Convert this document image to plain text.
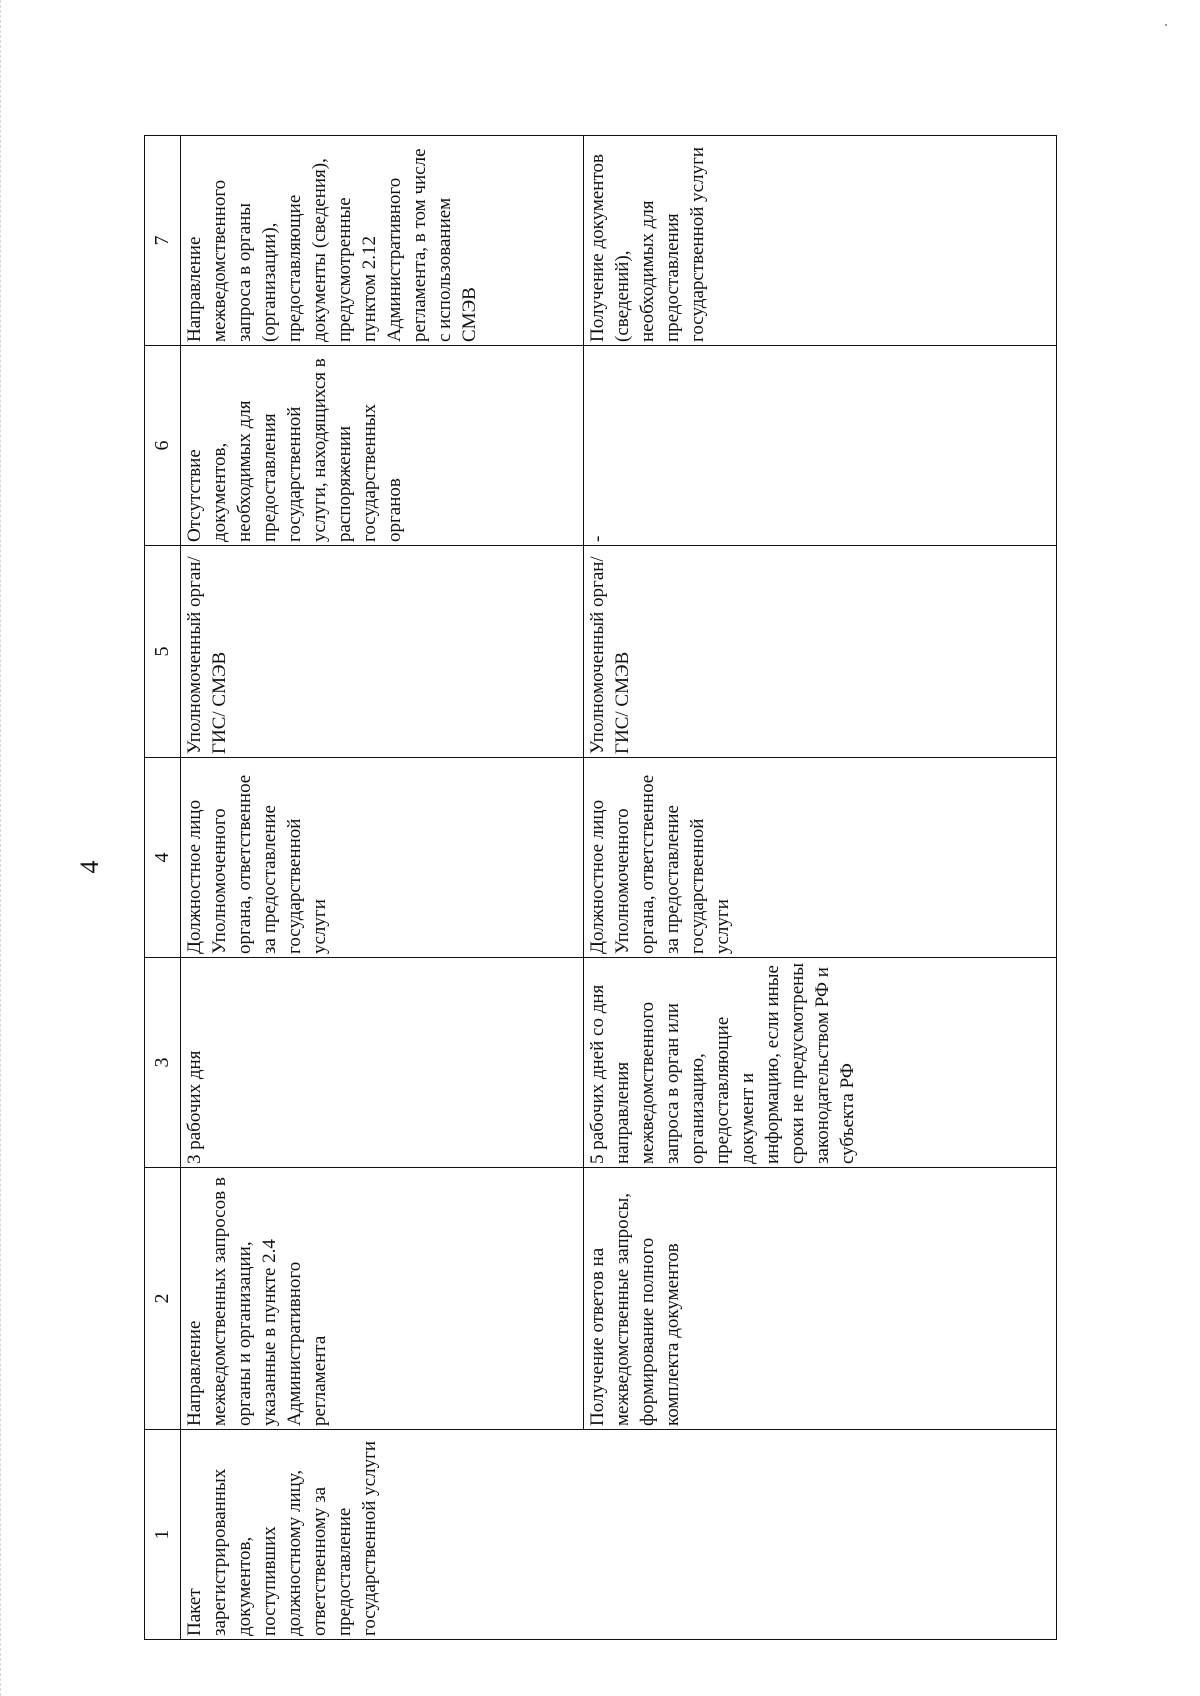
4
1	2	3	4	5	6	7
Пакет зарегистрированных документов, поступивших должностному лицу, ответственному за предоставление государственной услуги	Направление межведомственных запросов в органы и организации, указанные в пункте 2.4 Административного регламента	3 рабочих дня	Должностное лицо Уполномоченного органа, ответственное за предоставление государственной услуги	Уполномоченный орган/ГИС/ СМЭВ	Отсутствие документов, необходимых для предоставления государственной услуги, находящихся в распоряжении государственных органов	Направление межведомственного запроса в органы (организации), предоставляющие документы (сведения), предусмотренные пунктом 2.12 Административного регламента, в том числе с использованием СМЭВ
	Получение ответов на межведомственные запросы, формирование полного комплекта документов	5 рабочих дней со дня направления межведомственного запроса в орган или организацию, предоставляющие документ и информацию, если иные сроки не предусмотрены законодательством РФ и субъекта РФ	Должностное лицо Уполномоченного органа, ответственное за предоставление государственной услуги	Уполномоченный орган/ГИС/ СМЭВ	-	Получение документов (сведений), необходимых для предоставления государственной услуги
